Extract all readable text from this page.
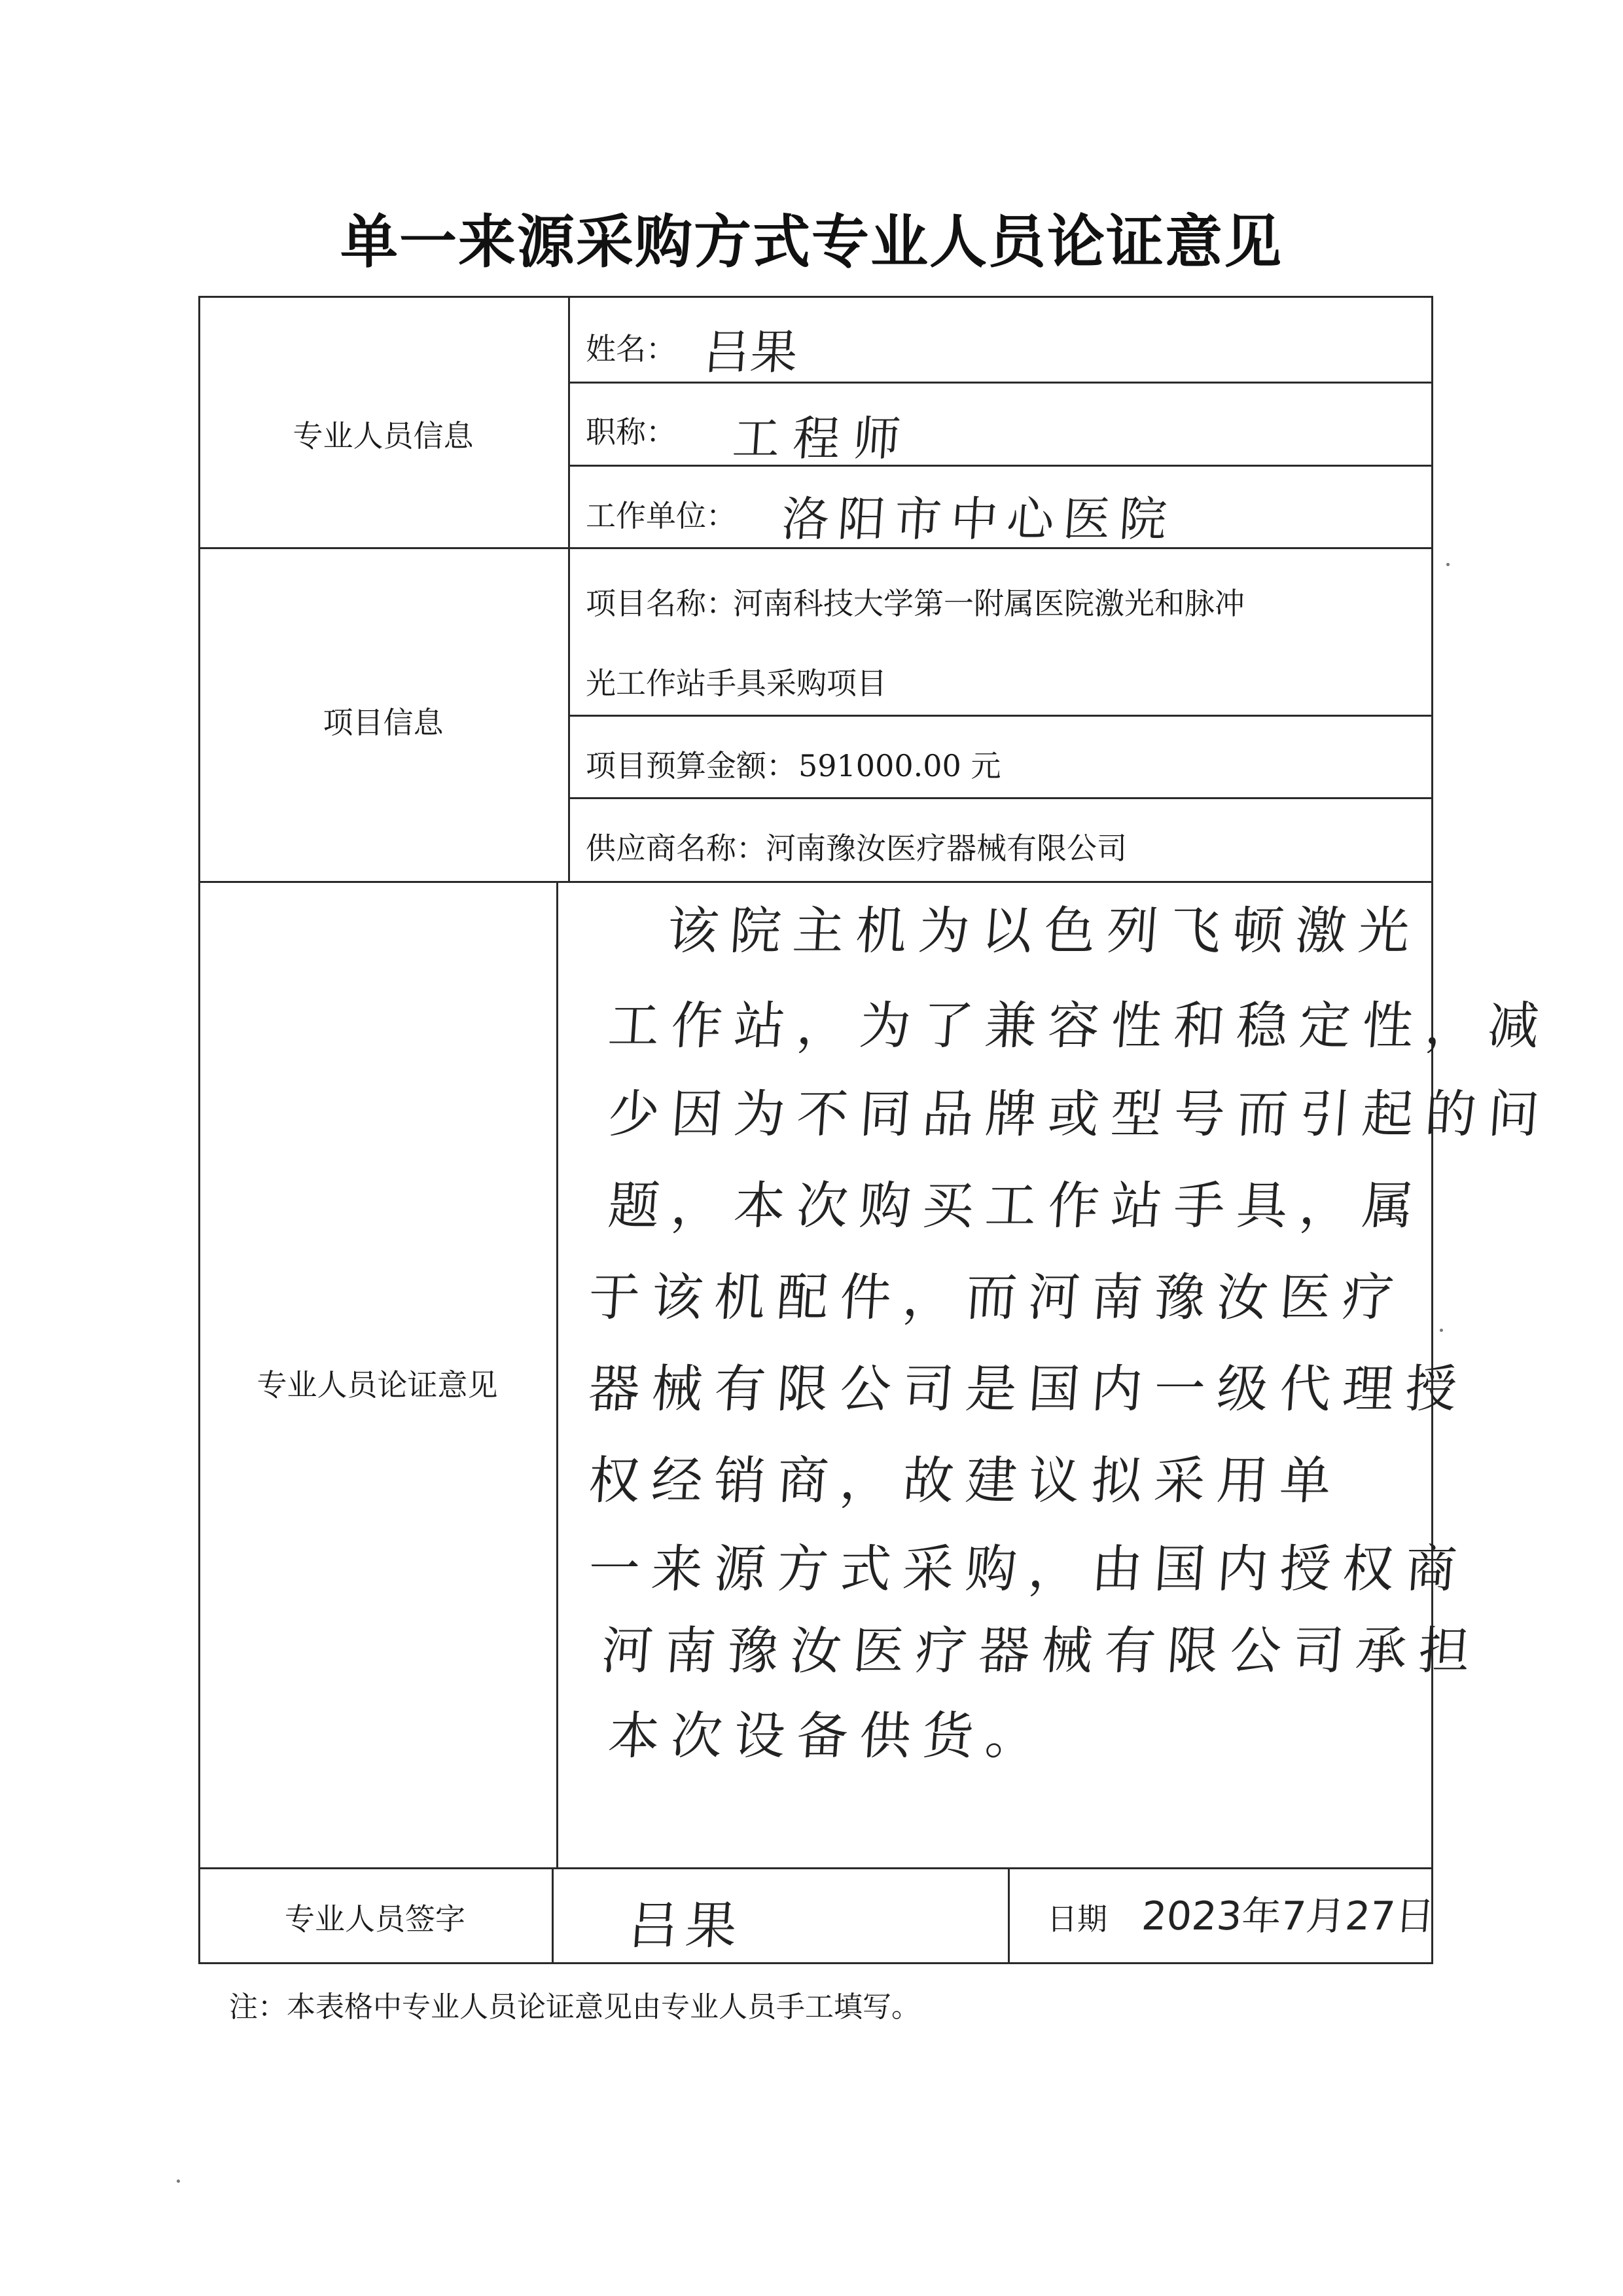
单一来源采购方式专业人员论证意见
专业人员信息
项目信息
专业人员论证意见
专业人员签字
姓名： 吕果
职称： 工程师
工作单位： 洛阳市中心医院
项目名称：
河南科技大学第一附属医院激光和脉冲
光工作站手具采购项目
项目预算金额： 591000.00 元
供应商名称： 河南豫汝医疗器械有限公司
该院主机为以色列飞顿激光
工作站，为了兼容性和稳定性，减
少因为不同品牌或型号而引起的问
题，本次购买工作站手具，属
于该机配件，而河南豫汝医疗
器械有限公司是国内一级代理授
权经销商，故建议拟采用单
一来源方式采购，由国内授权商
河南豫汝医疗器械有限公司承担
本次设备供货。
吕果	日期 2023年7月27日
注：本表格中专业人员论证意见由专业人员手工填写。
